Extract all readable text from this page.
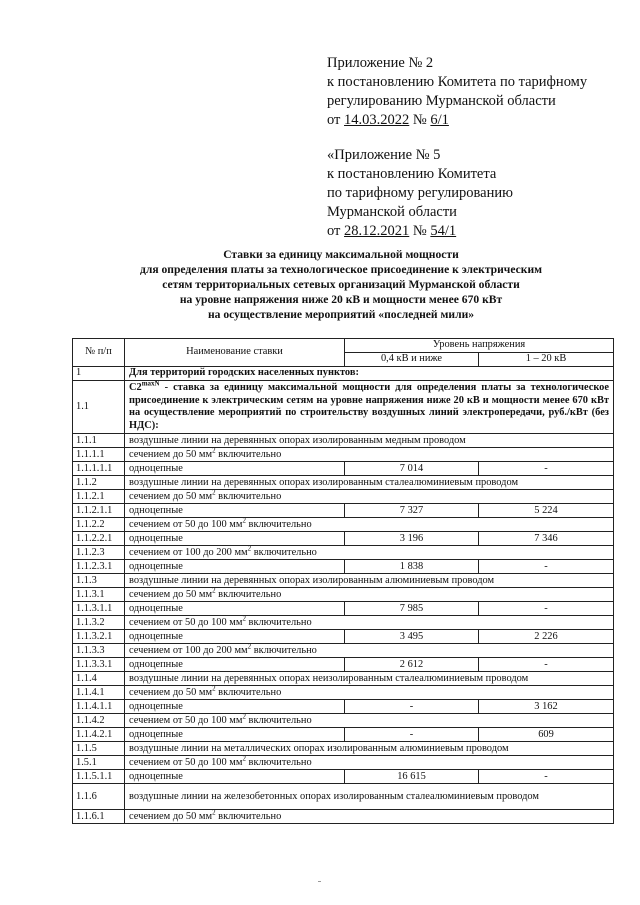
Приложение № 2
к постановлению Комитета по тарифному
регулированию Мурманской области
от 14.03.2022 № 6/1
«Приложение № 5
к постановлению Комитета
по тарифному регулированию
Мурманской области
от 28.12.2021 № 54/1
Ставки за единицу максимальной мощности
для определения платы за технологическое присоединение к электрическим
сетям территориальных сетевых организаций Мурманской области
на уровне напряжения ниже 20 кВ и мощности менее 670 кВт
на осуществление мероприятий «последней мили»
№ п/п	Наименование ставки	Уровень напряжения	
		0,4 кВ и ниже	1 – 20 кВ
1	Для территорий городских населенных пунктов:		
1.1	$C2^{maxN}$ - ставка за единицу максимальной мощности для определения платы за технологическое присоединение к электрическим сетям на уровне напряжения ниже 20 кВ и мощности менее 670 кВт на осуществление мероприятий по строительству воздушных линий электропередачи, руб./кВт (без НДС):		
1.1.1	воздушные линии на деревянных опорах изолированным медным проводом		
1.1.1.1	сечением до 50 $мм^2$ включительно		
1.1.1.1.1	одноцепные	7 014	-
1.1.2	воздушные линии на деревянных опорах изолированным сталеалюминиевым проводом		
1.1.2.1	сечением до 50 $мм^2$ включительно		
1.1.2.1.1	одноцепные	7 327	5 224
1.1.2.2	сечением от 50 до 100 $мм^2$ включительно		
1.1.2.2.1	одноцепные	3 196	7 346
1.1.2.3	сечением от 100 до 200 $мм^2$ включительно		
1.1.2.3.1	одноцепные	1 838	-
1.1.3	воздушные линии на деревянных опорах изолированным алюминиевым проводом		
1.1.3.1	сечением до 50 $мм^2$ включительно		
1.1.3.1.1	одноцепные	7 985	-
1.1.3.2	сечением от 50 до 100 $мм^2$ включительно		
1.1.3.2.1	одноцепные	3 495	2 226
1.1.3.3	сечением от 100 до 200 $мм^2$ включительно		
1.1.3.3.1	одноцепные	2 612	-
1.1.4	воздушные линии на деревянных опорах неизолированным сталеалюминиевым проводом		
1.1.4.1	сечением до 50 $мм^2$ включительно		
1.1.4.1.1	одноцепные	-	3 162
1.1.4.2	сечением от 50 до 100 $мм^2$ включительно		
1.1.4.2.1	одноцепные	-	609
1.1.5	воздушные линии на металлических опорах изолированным алюминиевым проводом		
1.5.1	сечением от 50 до 100 $мм^2$ включительно		
1.1.5.1.1	одноцепные	16 615	-
1.1.6	воздушные линии на железобетонных опорах изолированным сталеалюминиевым проводом		
1.1.6.1	сечением до 50 $мм^2$ включительно		
